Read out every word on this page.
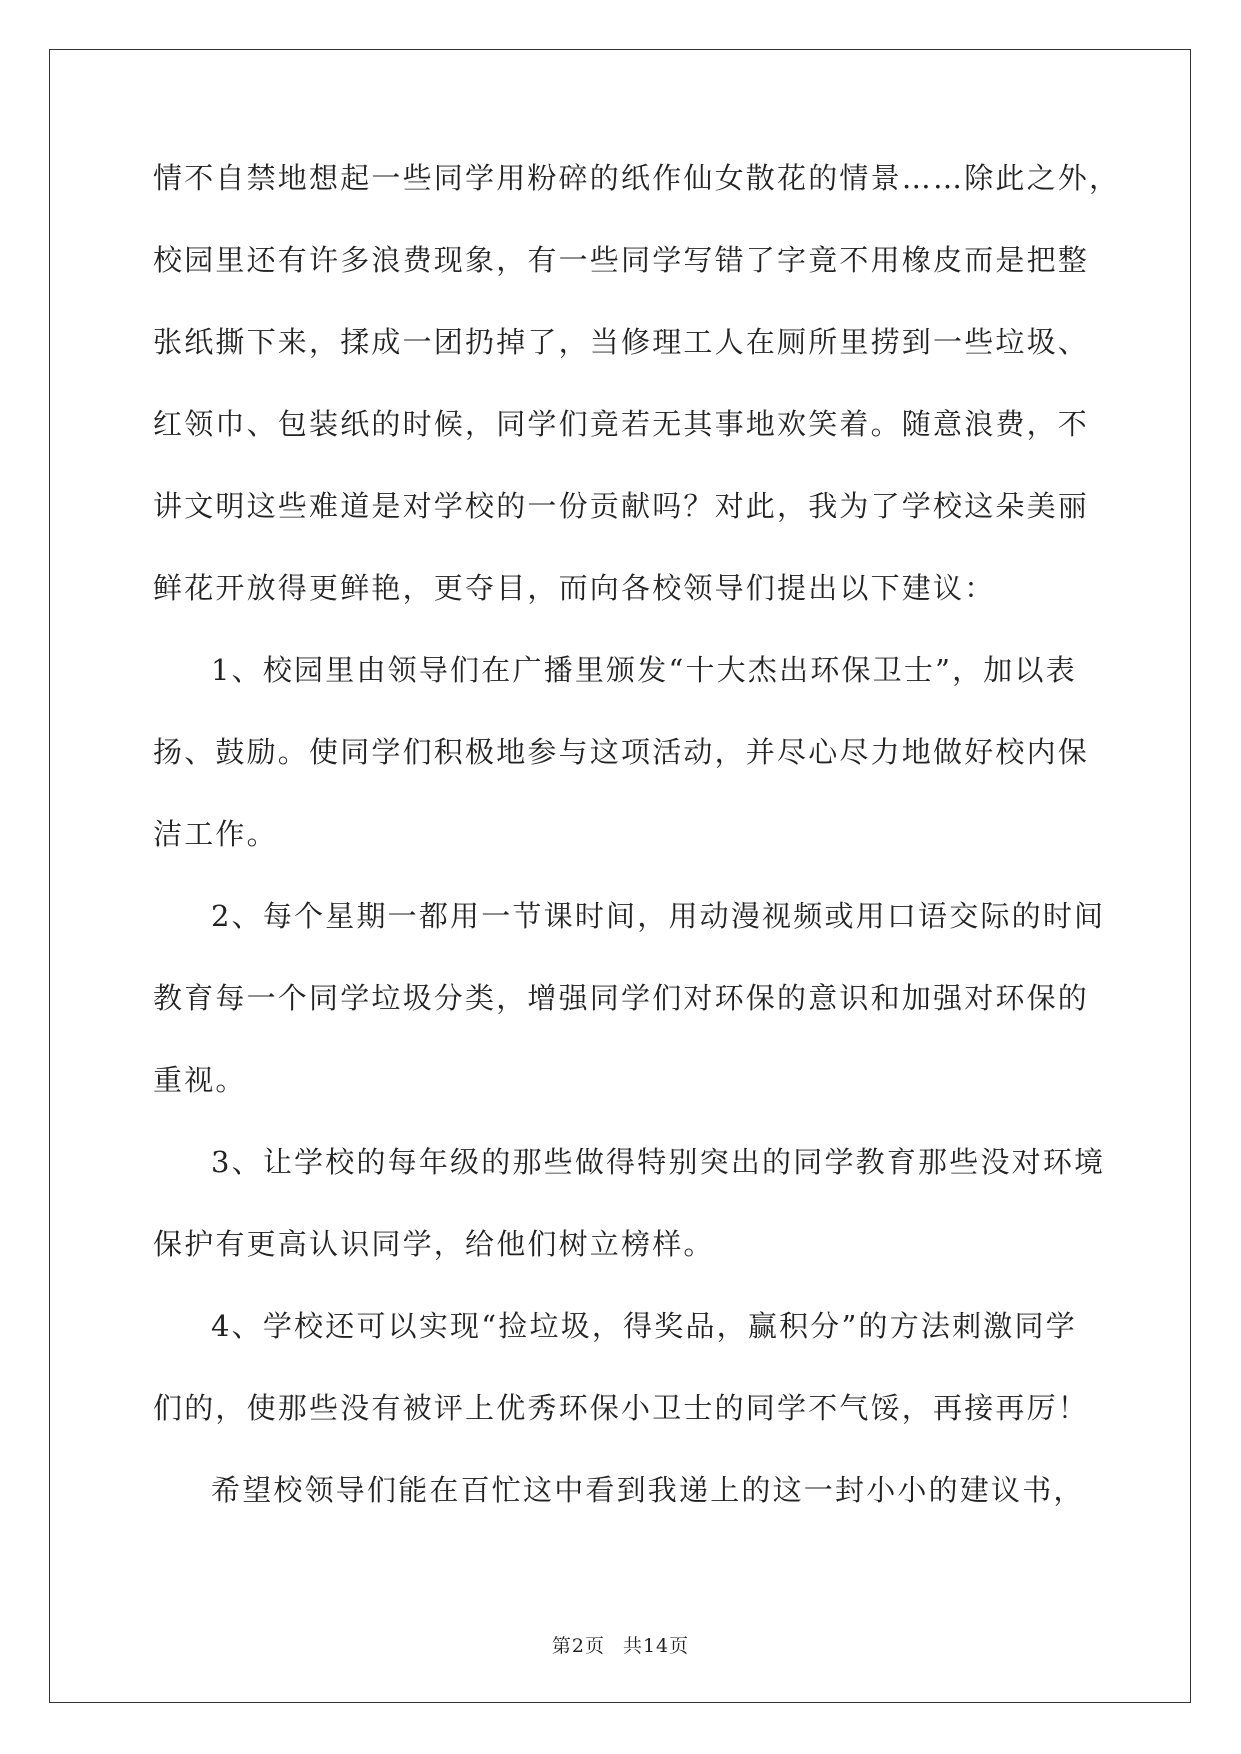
情不自禁地想起一些同学用粉碎的纸作仙女散花的情景……除此之外，
校园里还有许多浪费现象，有一些同学写错了字竟不用橡皮而是把整
张纸撕下来，揉成一团扔掉了，当修理工人在厕所里捞到一些垃圾、
红领巾、包装纸的时候，同学们竟若无其事地欢笑着。随意浪费，不
讲文明这些难道是对学校的一份贡献吗？对此，我为了学校这朵美丽
鲜花开放得更鲜艳，更夺目，而向各校领导们提出以下建议：
1、校园里由领导们在广播里颁发“十大杰出环保卫士”，加以表
扬、鼓励。使同学们积极地参与这项活动，并尽心尽力地做好校内保
洁工作。
2、每个星期一都用一节课时间，用动漫视频或用口语交际的时间
教育每一个同学垃圾分类，增强同学们对环保的意识和加强对环保的
重视。
3、让学校的每年级的那些做得特别突出的同学教育那些没对环境
保护有更高认识同学，给他们树立榜样。
4、学校还可以实现“捡垃圾，得奖品，赢积分”的方法刺激同学
们的，使那些没有被评上优秀环保小卫士的同学不气馁，再接再厉！
希望校领导们能在百忙这中看到我递上的这一封小小的建议书，
第2页 共14页
